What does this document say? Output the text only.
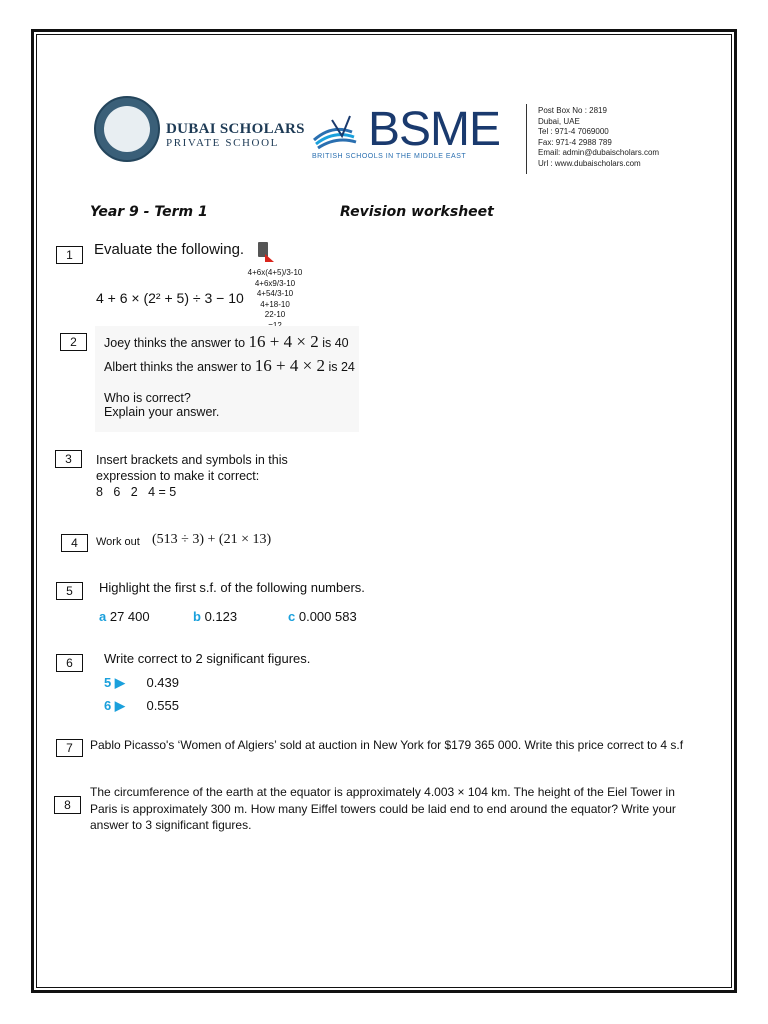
DUBAI SCHOLARS
PRIVATE SCHOOL BSME
BRITISH SCHOOLS IN THE MIDDLE EAST
Post Box No : 2819
Dubai, UAE
Tel : 971-4 7069000
Fax: 971-4 2988 789
Email: admin@dubaischolars.com
Url : www.dubaischolars.com
Year 9 - Term 1	Revision worksheet
1	Evaluate the following.
4 + 6 × (2² + 5) ÷ 3 − 10
4+6x(4+5)/3-10
4+6x9/3-10
4+54/3-10
4+18-10
22-10
2	Joey thinks the answer to 16 + 4 × 2 is 40
Albert thinks the answer to 16 + 4 × 2 is 24
Who is correct?
Explain your answer.
3	Insert brackets and symbols in this
expression to make it correct:
8   6   2   4 = 5
4	Work out (513 ÷ 3) + (21 × 13)
5	Highlight the first s.f. of the following numbers.
a 27 400	b 0.123	c 0.000 583
6	Write correct to 2 significant figures.
5 ▶ 0.439
6 ▶ 0.555
7	Pablo Picasso's ‘Women of Algiers’ sold at auction in New York for $179 365 000. Write this price correct to 4 s.f
8
The circumference of the earth at the equator is approximately 4.003 × 104 km. The height of the Eiel Tower in Paris is approximately 300 m. How many Eiffel towers could be laid end to end around the equator? Write your answer to 3 significant figures.
